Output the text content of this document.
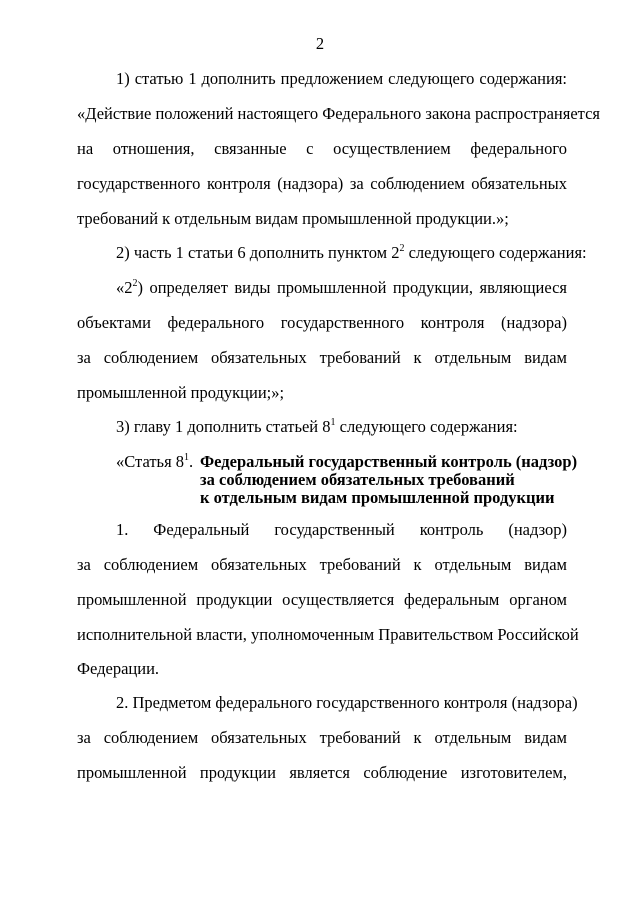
2
1) статью 1 дополнить предложением следующего содержания:
«Действие положений настоящего Федерального закона распространяется
на отношения, связанные с осуществлением федерального
государственного контроля (надзора) за соблюдением обязательных
требований к отдельным видам промышленной продукции.»;
2) часть 1 статьи 6 дополнить пунктом $2^2$ следующего содержания:
«$2^2$) определяет виды промышленной продукции, являющиеся
объектами федерального государственного контроля (надзора)
за соблюдением обязательных требований к отдельным видам
промышленной продукции;»;
3) главу 1 дополнить статьей $8^1$ следующего содержания:
«Статья $8^1$. Федеральный государственный контроль (надзор)
за соблюдением обязательных требований
к отдельным видам промышленной продукции
1. Федеральный государственный контроль (надзор)
за соблюдением обязательных требований к отдельным видам
промышленной продукции осуществляется федеральным органом
исполнительной власти, уполномоченным Правительством Российской
Федерации.
2. Предметом федерального государственного контроля (надзора)
за соблюдением обязательных требований к отдельным видам
промышленной продукции является соблюдение изготовителем,
